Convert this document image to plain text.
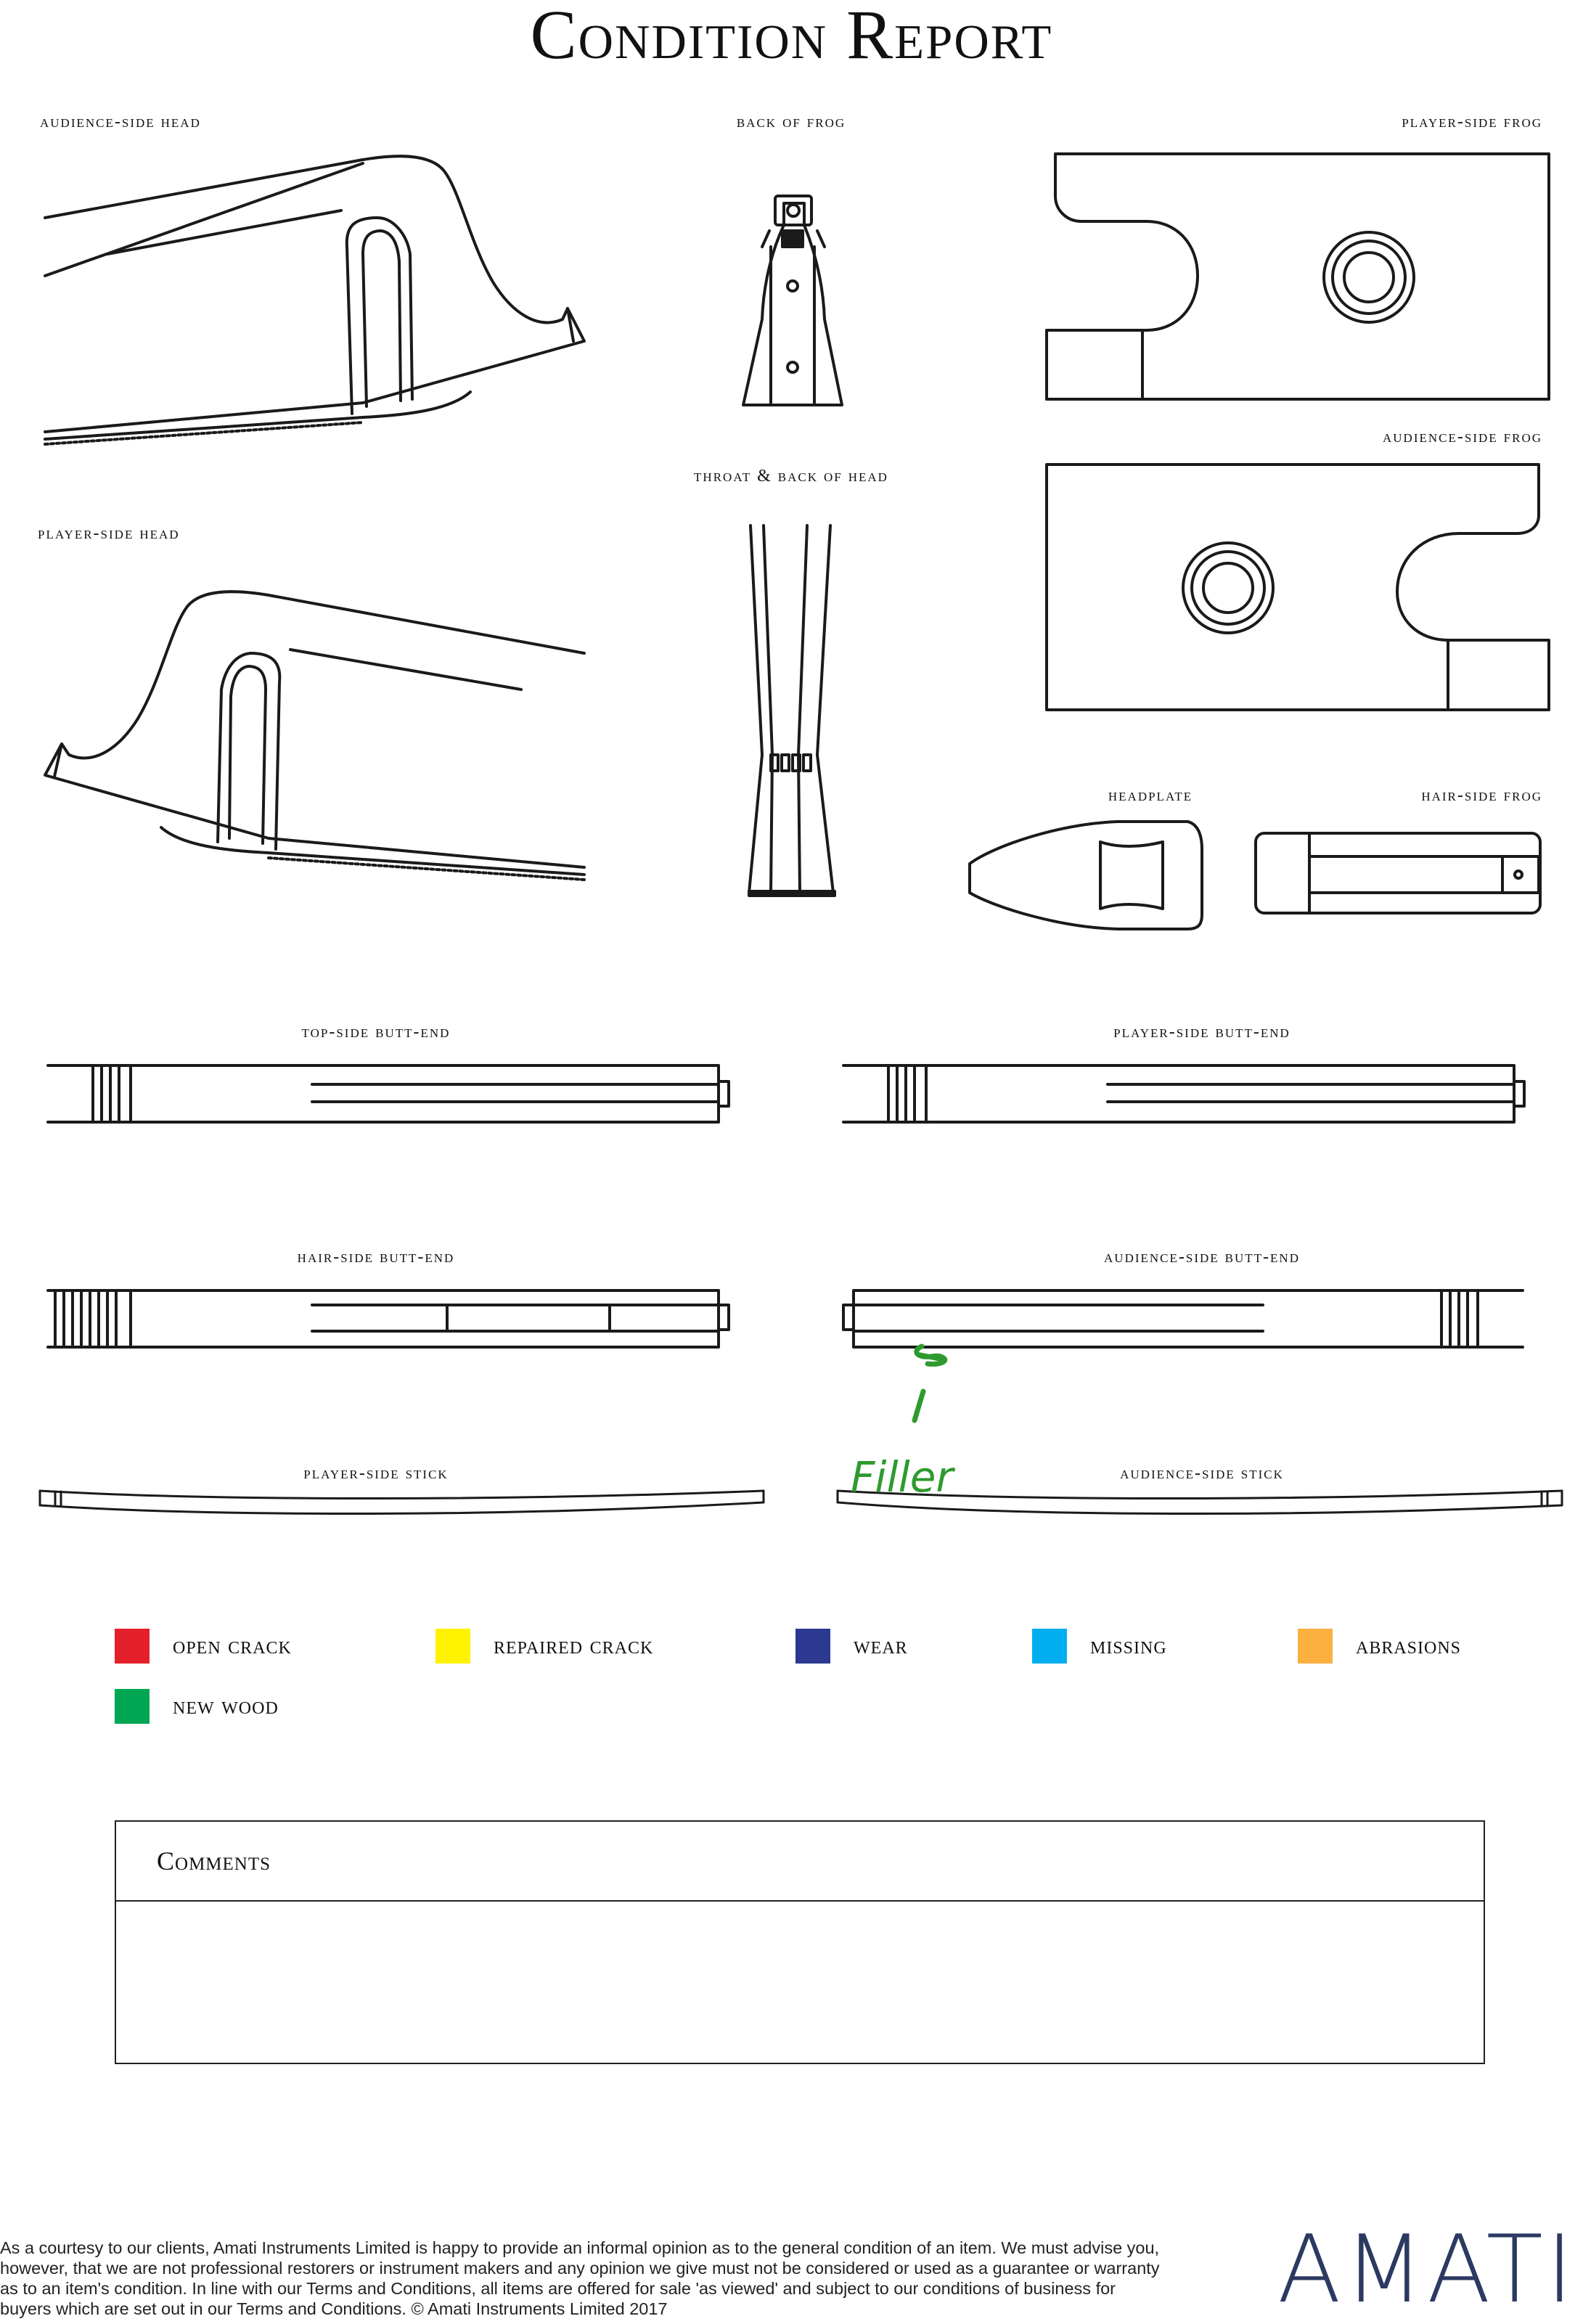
Condition Report
audience-side head	back of frog	player-side frog
audience-side frog
throat & back of head
player-side head
headplate	hair-side frog
top-side butt-end	player-side butt-end
hair-side butt-end	audience-side butt-end
player-side stick	audience-side stick
Filler
open crack	repaired crack	wear	missing	abrasions
new wood
Comments
As a courtesy to our clients, Amati Instruments Limited is happy to provide an informal opinion as to the general condition of an item. We must advise you, however, that we are not professional restorers or instrument makers and any opinion we give must not be considered or used as a guarantee or warranty as to an item's condition. In line with our Terms and Conditions, all items are offered for sale 'as viewed' and subject to our conditions of business for buyers which are set out in our Terms and Conditions. © Amati Instruments Limited 2017	AMATI
